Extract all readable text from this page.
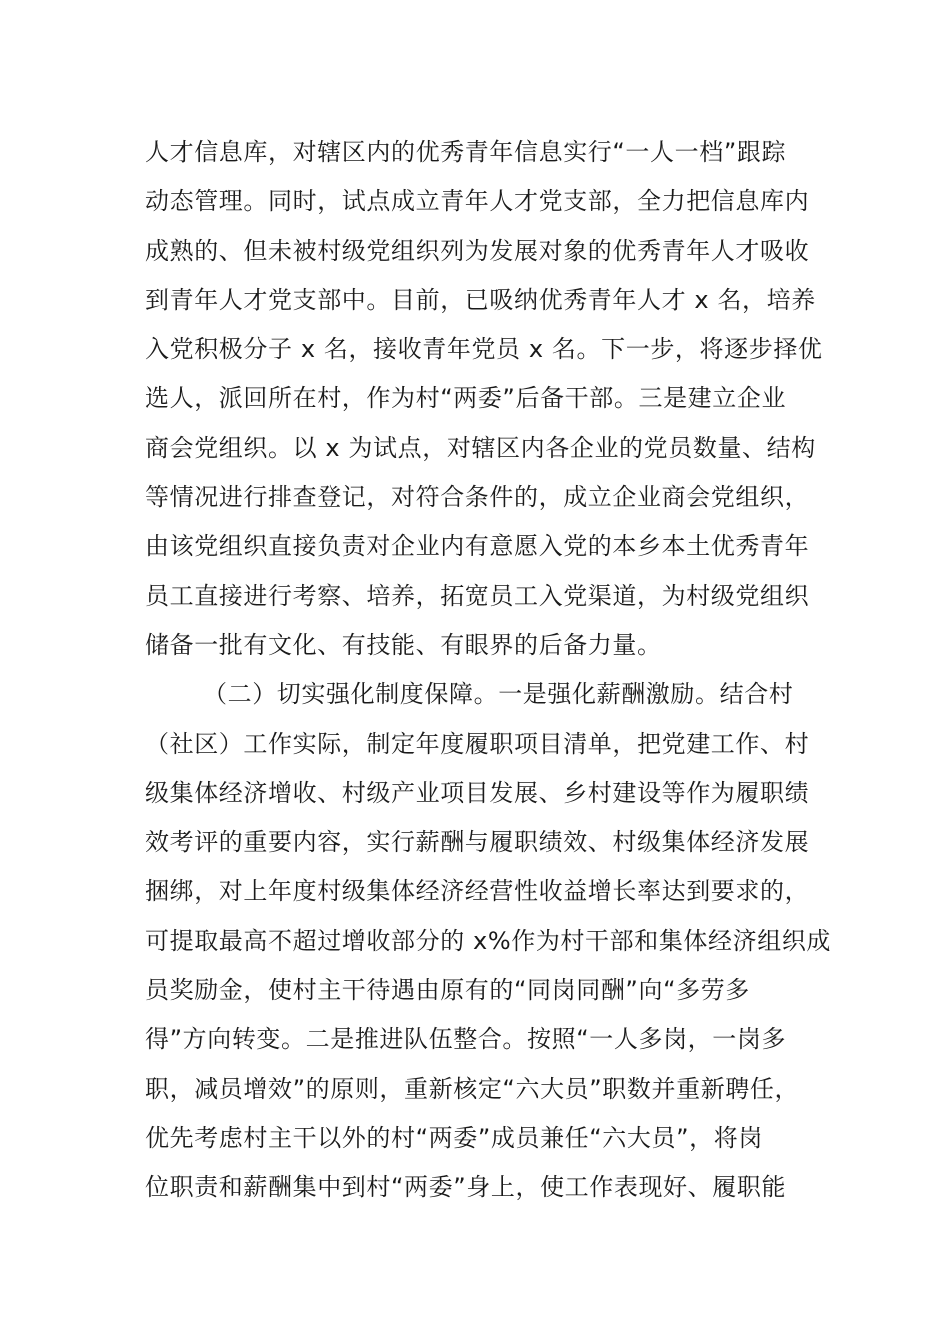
人才信息库，对辖区内的优秀青年信息实行“一人一档”跟踪
动态管理。同时，试点成立青年人才党支部，全力把信息库内
成熟的、但未被村级党组织列为发展对象的优秀青年人才吸收
到青年人才党支部中。目前，已吸纳优秀青年人才 x 名，培养
入党积极分子 x 名，接收青年党员 x 名。下一步，将逐步择优
选人，派回所在村，作为村“两委”后备干部。三是建立企业
商会党组织。以 x 为试点，对辖区内各企业的党员数量、结构
等情况进行排查登记，对符合条件的，成立企业商会党组织，
由该党组织直接负责对企业内有意愿入党的本乡本土优秀青年
员工直接进行考察、培养，拓宽员工入党渠道，为村级党组织
储备一批有文化、有技能、有眼界的后备力量。
（二）切实强化制度保障。一是强化薪酬激励。结合村
（社区）工作实际，制定年度履职项目清单，把党建工作、村
级集体经济增收、村级产业项目发展、乡村建设等作为履职绩
效考评的重要内容，实行薪酬与履职绩效、村级集体经济发展
捆绑，对上年度村级集体经济经营性收益增长率达到要求的，
可提取最高不超过增收部分的 x%作为村干部和集体经济组织成
员奖励金，使村主干待遇由原有的“同岗同酬”向“多劳多
得”方向转变。二是推进队伍整合。按照“一人多岗，一岗多
职，减员增效”的原则，重新核定“六大员”职数并重新聘任，
优先考虑村主干以外的村“两委”成员兼任“六大员”，将岗
位职责和薪酬集中到村“两委”身上，使工作表现好、履职能
